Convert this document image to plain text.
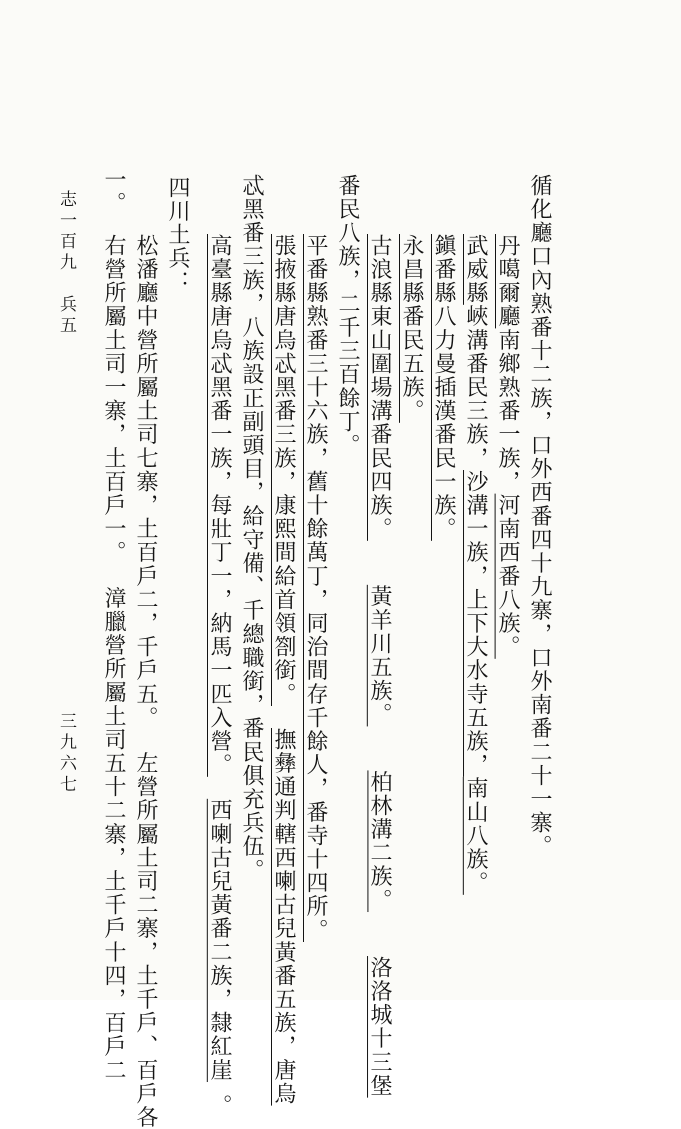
循化廳口內熟番十二族，口外西番四十九寨，口外南番二十一寨。
丹噶爾廳南鄉熟番一族，河南西番八族。
武威縣峽溝番民三族，沙溝一族，上下大水寺五族，南山八族。
鎭番縣八力曼插漢番民一族。
永昌縣番民五族。
古浪縣東山圍場溝番民四族。黃羊川五族。柏林溝二族。洛洛城十三堡
番民八族，二千三百餘丁。
平番縣熟番三十六族，舊十餘萬丁，同治間存千餘人，番寺十四所。
張掖縣唐烏忒黑番三族，康熙間給首領劄銜。撫彝通判轄西喇古兒黃番五族，唐烏
忒黑番三族，八族設正副頭目，給守備、千總職銜，番民俱充兵伍。
高臺縣唐烏忒黑番一族，每壯丁一，納馬一匹入營。西喇古兒黃番二族，隸紅崖。
四川土兵：
松潘廳中營所屬土司七寨，土百戶二，千戶五。左營所屬土司二寨，土千戶、百戶各
一。
右營所屬土司一寨，土百戶一。漳臘營所屬土司五十二寨，土千戶十四，百戶二
志一百九　兵五
三九六七
